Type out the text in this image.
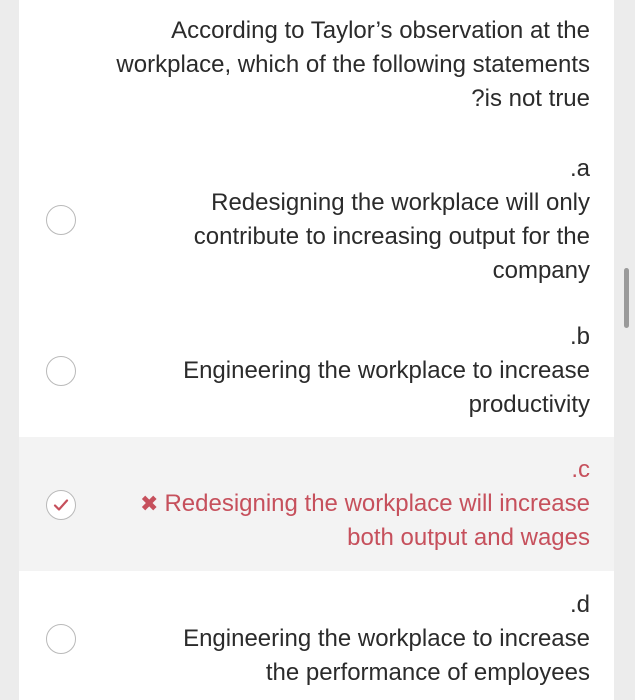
According to Taylor’s observation at the
workplace, which of the following statements
?is not true
.a
Redesigning the workplace will only
contribute to increasing output for the
company
.b
Engineering the workplace to increase
productivity
.c
✖ Redesigning the workplace will increase
both output and wages
.d
Engineering the workplace to increase
the performance of employees
